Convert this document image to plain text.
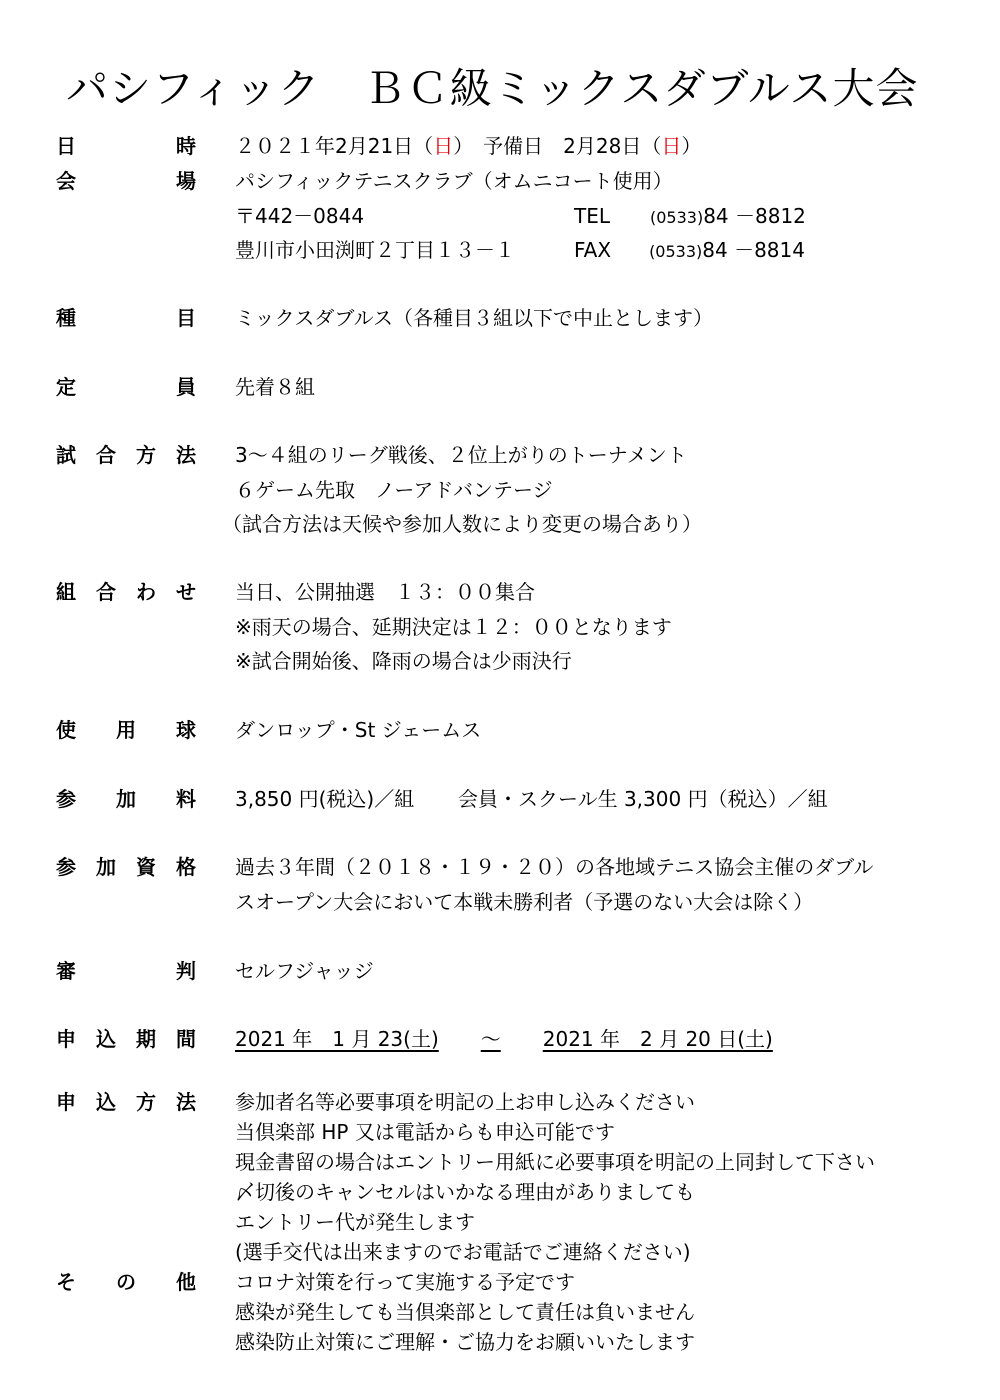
パシフィック　ＢＣ級ミックスダブルス大会
日	時 ２０２１年2月21日（日）　予備日　2月28日（日）
会	場 パシフィックテニスクラブ（オムニコート使用）
〒442－0844	TEL	(0533)84 －8812
豊川市小田渕町２丁目１３－１	FAX (0533)84 －8814
種	目 ミックスダブルス（各種目３組以下で中止とします）
定	員 先着８組
試 合 方 法 3～４組のリーグ戦後、２位上がりのトーナメント
６ゲーム先取　ノーアドバンテージ
（試合方法は天候や参加人数により変更の場合あり）
組 合 わ せ 当日、公開抽選　１３：００集合
※雨天の場合、延期決定は１２：００となります
※試合開始後、降雨の場合は少雨決行
使 用 球 ダンロップ・St ジェームス
参 加 料 3,850 円(税込)／組 会員・スクール生 3,300 円（税込）／組
参 加 資 格 過去３年間（２０１８・１９・２０）の各地域テニス協会主催のダブル
スオープン大会において本戦未勝利者（予選のない大会は除く）
審	判 セルフジャッジ
申 込 期 間 2021 年　1 月 23(土) ～ 2021 年　2 月 20 日(土)
申 込 方 法 参加者名等必要事項を明記の上お申し込みください
当倶楽部 HP 又は電話からも申込可能です
現金書留の場合はエントリー用紙に必要事項を明記の上同封して下さい
〆切後のキャンセルはいかなる理由がありましても
エントリー代が発生します
(選手交代は出来ますのでお電話でご連絡ください)
そ の 他 コロナ対策を行って実施する予定です
感染が発生しても当倶楽部として責任は負いません
感染防止対策にご理解・ご協力をお願いいたします
